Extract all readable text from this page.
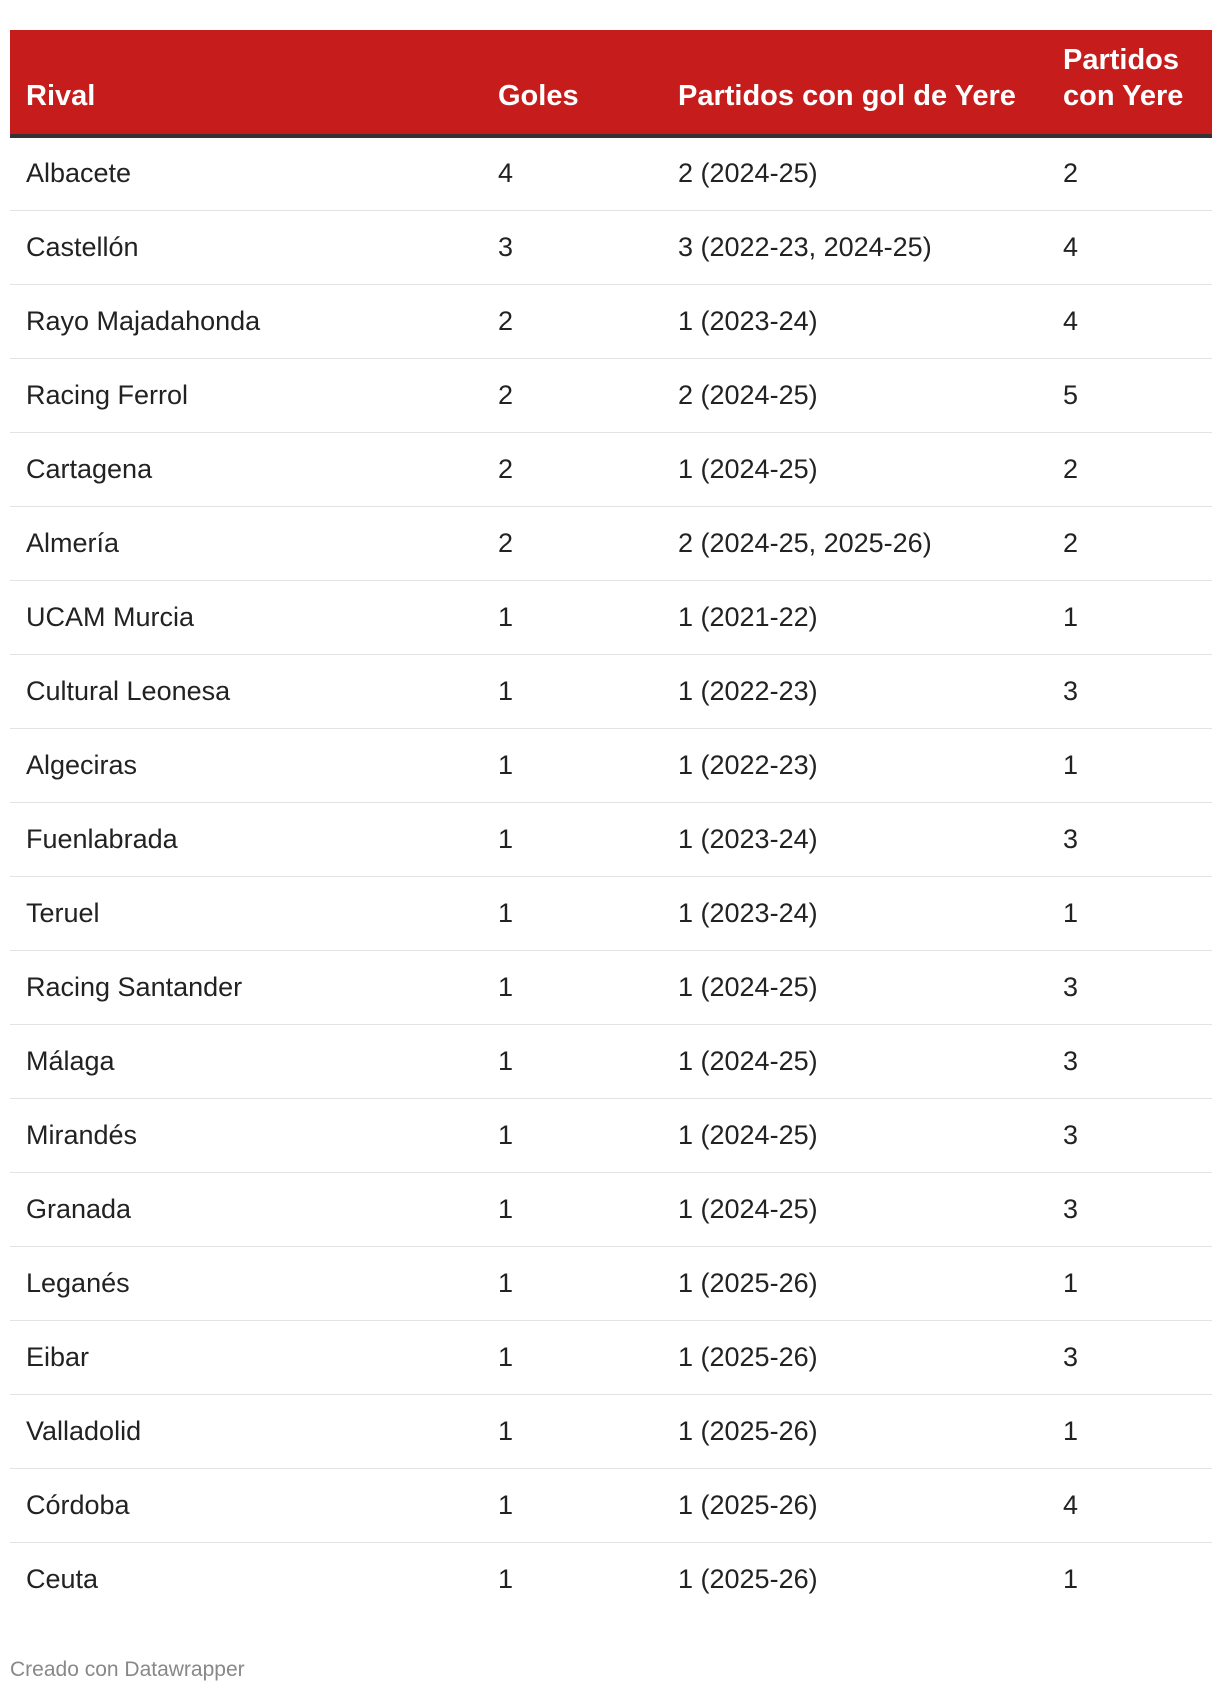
Rival	Goles	Partidos con gol de Yere	Partidos con Yere
Albacete	4	2 (2024-25)	2
Castellón	3	3 (2022-23, 2024-25)	4
Rayo Majadahonda	2	1 (2023-24)	4
Racing Ferrol	2	2 (2024-25)	5
Cartagena	2	1 (2024-25)	2
Almería	2	2 (2024-25, 2025-26)	2
UCAM Murcia	1	1 (2021-22)	1
Cultural Leonesa	1	1 (2022-23)	3
Algeciras	1	1 (2022-23)	1
Fuenlabrada	1	1 (2023-24)	3
Teruel	1	1 (2023-24)	1
Racing Santander	1	1 (2024-25)	3
Málaga	1	1 (2024-25)	3
Mirandés	1	1 (2024-25)	3
Granada	1	1 (2024-25)	3
Leganés	1	1 (2025-26)	1
Eibar	1	1 (2025-26)	3
Valladolid	1	1 (2025-26)	1
Córdoba	1	1 (2025-26)	4
Ceuta	1	1 (2025-26)	1
Creado con Datawrapper
